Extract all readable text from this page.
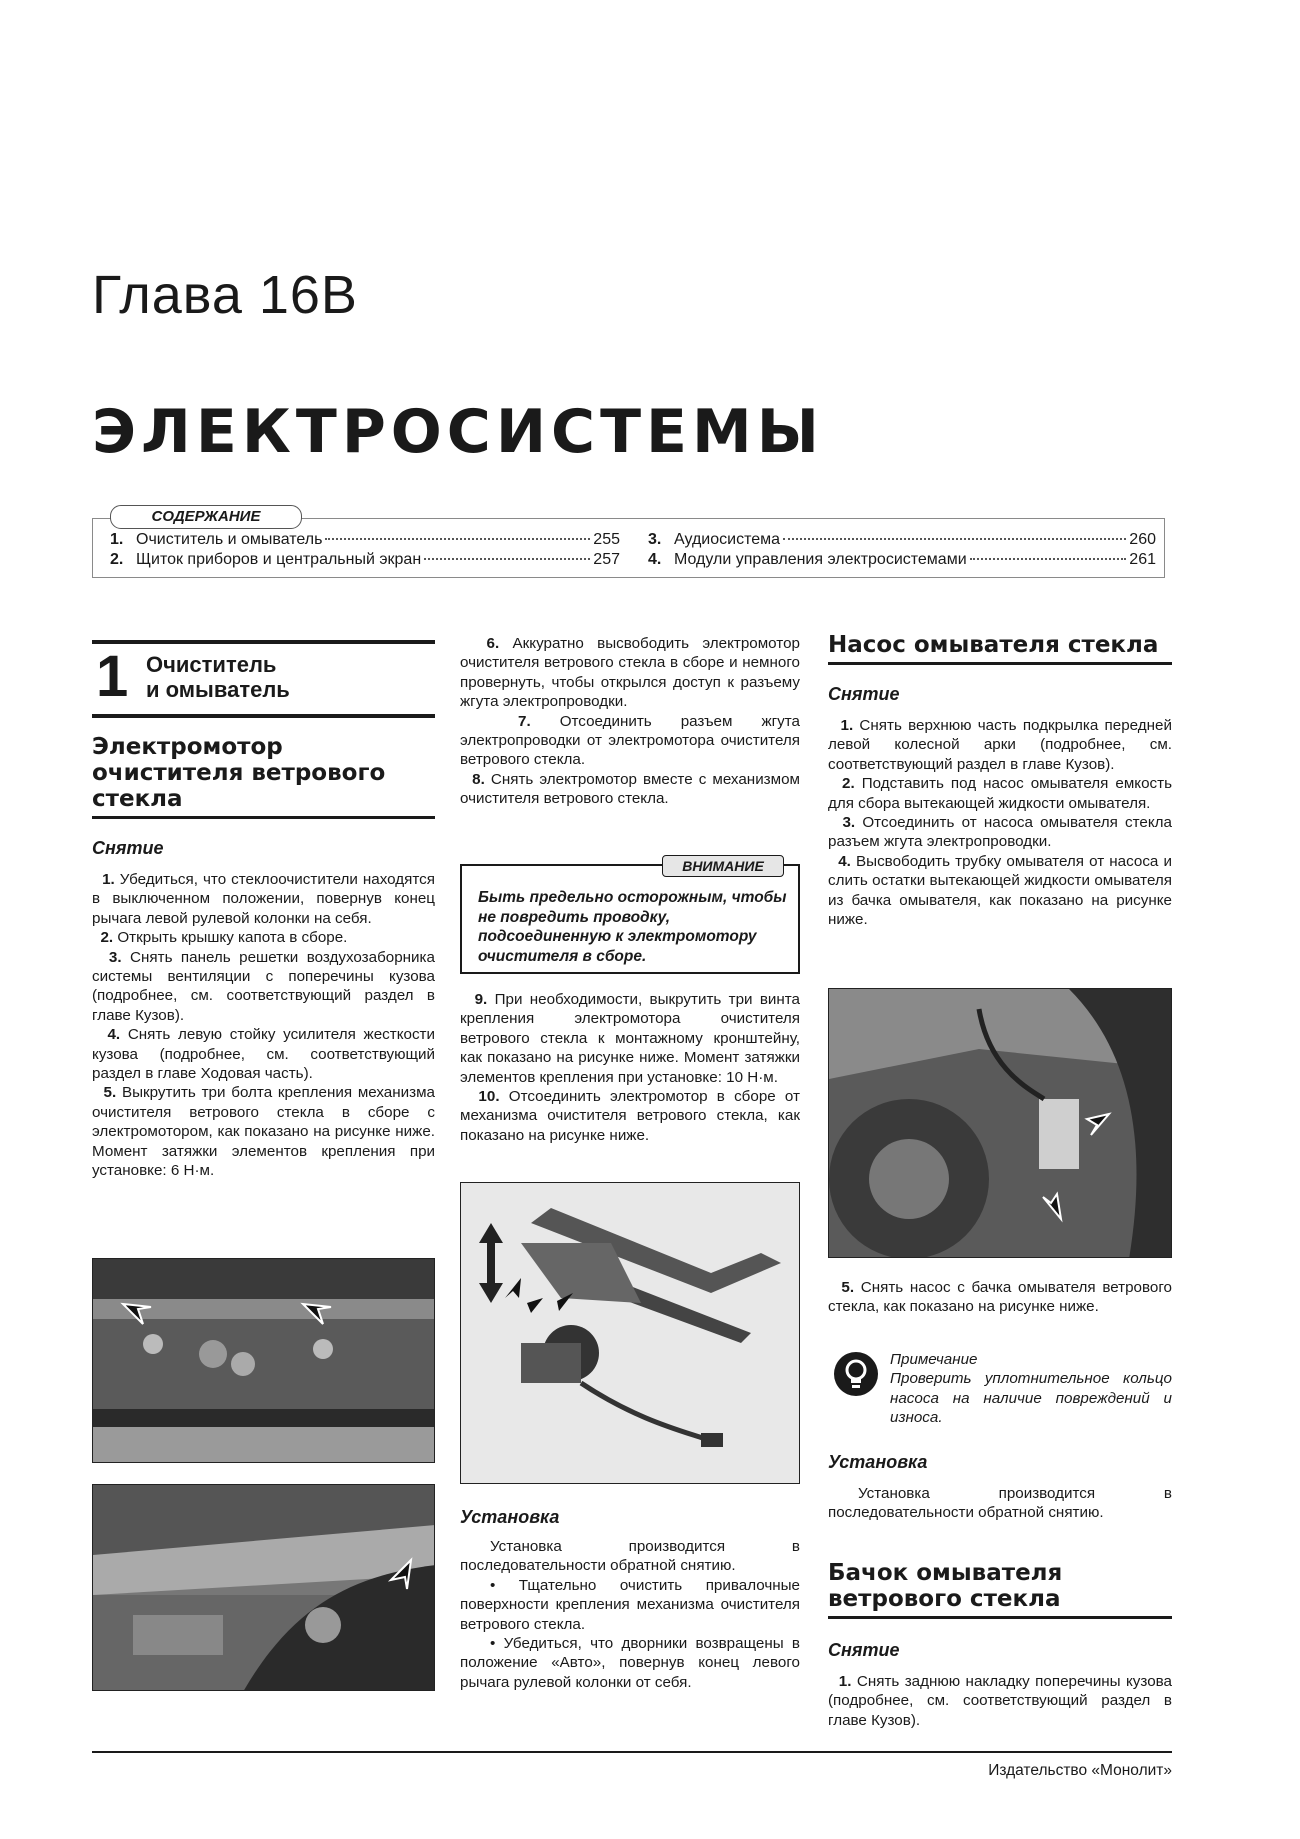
Глава 16В
ЭЛЕКТРОСИСТЕМЫ
СОДЕРЖАНИЕ
1. Очиститель и омыватель	255
2. Щиток приборов и центральный экран	257
3. Аудиосистема	260
4. Модули управления электросистемами	261
1 Очиститель
и омыватель
Электромотор
очистителя ветрового
стекла
Снятие

1. Убедиться, что стеклоочистители находятся в выключенном положении, повернув конец рычага левой рулевой колонки на себя.

2. Открыть крышку капота в сборе.

3. Снять панель решетки воздухозаборника системы вентиляции с поперечины кузова (подробнее, см. соответствующий раздел в главе Кузов).

4. Снять левую стойку усилителя жесткости кузова (подробнее, см. соответствующий раздел в главе Ходовая часть).

5. Выкрутить три болта крепления механизма очистителя ветрового стекла в сборе с электромотором, как показано на рисунке ниже. Момент затяжки элементов крепления при установке: 6 Н·м.

6. Аккуратно высвободить электромотор очистителя ветрового стекла в сборе и немного провернуть, чтобы открылся доступ к разъему жгута электропроводки.

7. Отсоединить разъем жгута электропроводки от электромотора очистителя ветрового стекла.

8. Снять электромотор вместе с механизмом очистителя ветрового стекла.

ВНИМАНИЕ
Быть предельно осторожным, чтобы не повредить проводку, подсоединенную к электромотору очистителя в сборе.

9. При необходимости, выкрутить три винта крепления электромотора очистителя ветрового стекла к монтажному кронштейну, как показано на рисунке ниже. Момент затяжки элементов крепления при установке: 10 Н·м.

10. Отсоединить электромотор в сборе от механизма очистителя ветрового стекла, как показано на рисунке ниже.

Установка

Установка производится в последовательности обратной снятию.

• Тщательно очистить привалочные поверхности крепления механизма очистителя ветрового стекла.

• Убедиться, что дворники возвращены в положение «Авто», повернув конец левого рычага рулевой колонки от себя.

Насос омывателя стекла
Снятие

1. Снять верхнюю часть подкрылка передней левой колесной арки (подробнее, см. соответствующий раздел в главе Кузов).

2. Подставить под насос омывателя емкость для сбора вытекающей жидкости омывателя.

3. Отсоединить от насоса омывателя стекла разъем жгута электропроводки.

4. Высвободить трубку омывателя от насоса и слить остатки вытекающей жидкости омывателя из бачка омывателя, как показано на рисунке ниже.

5. Снять насос с бачка омывателя ветрового стекла, как показано на рисунке ниже.

Примечание

Проверить уплотнительное кольцо насоса на наличие повреждений и износа.

Установка

Установка производится в последовательности обратной снятию.

Бачок омывателя
ветрового стекла
Снятие

1. Снять заднюю накладку поперечины кузова (подробнее, см. соответствующий раздел в главе Кузов).

Издательство «Монолит»
